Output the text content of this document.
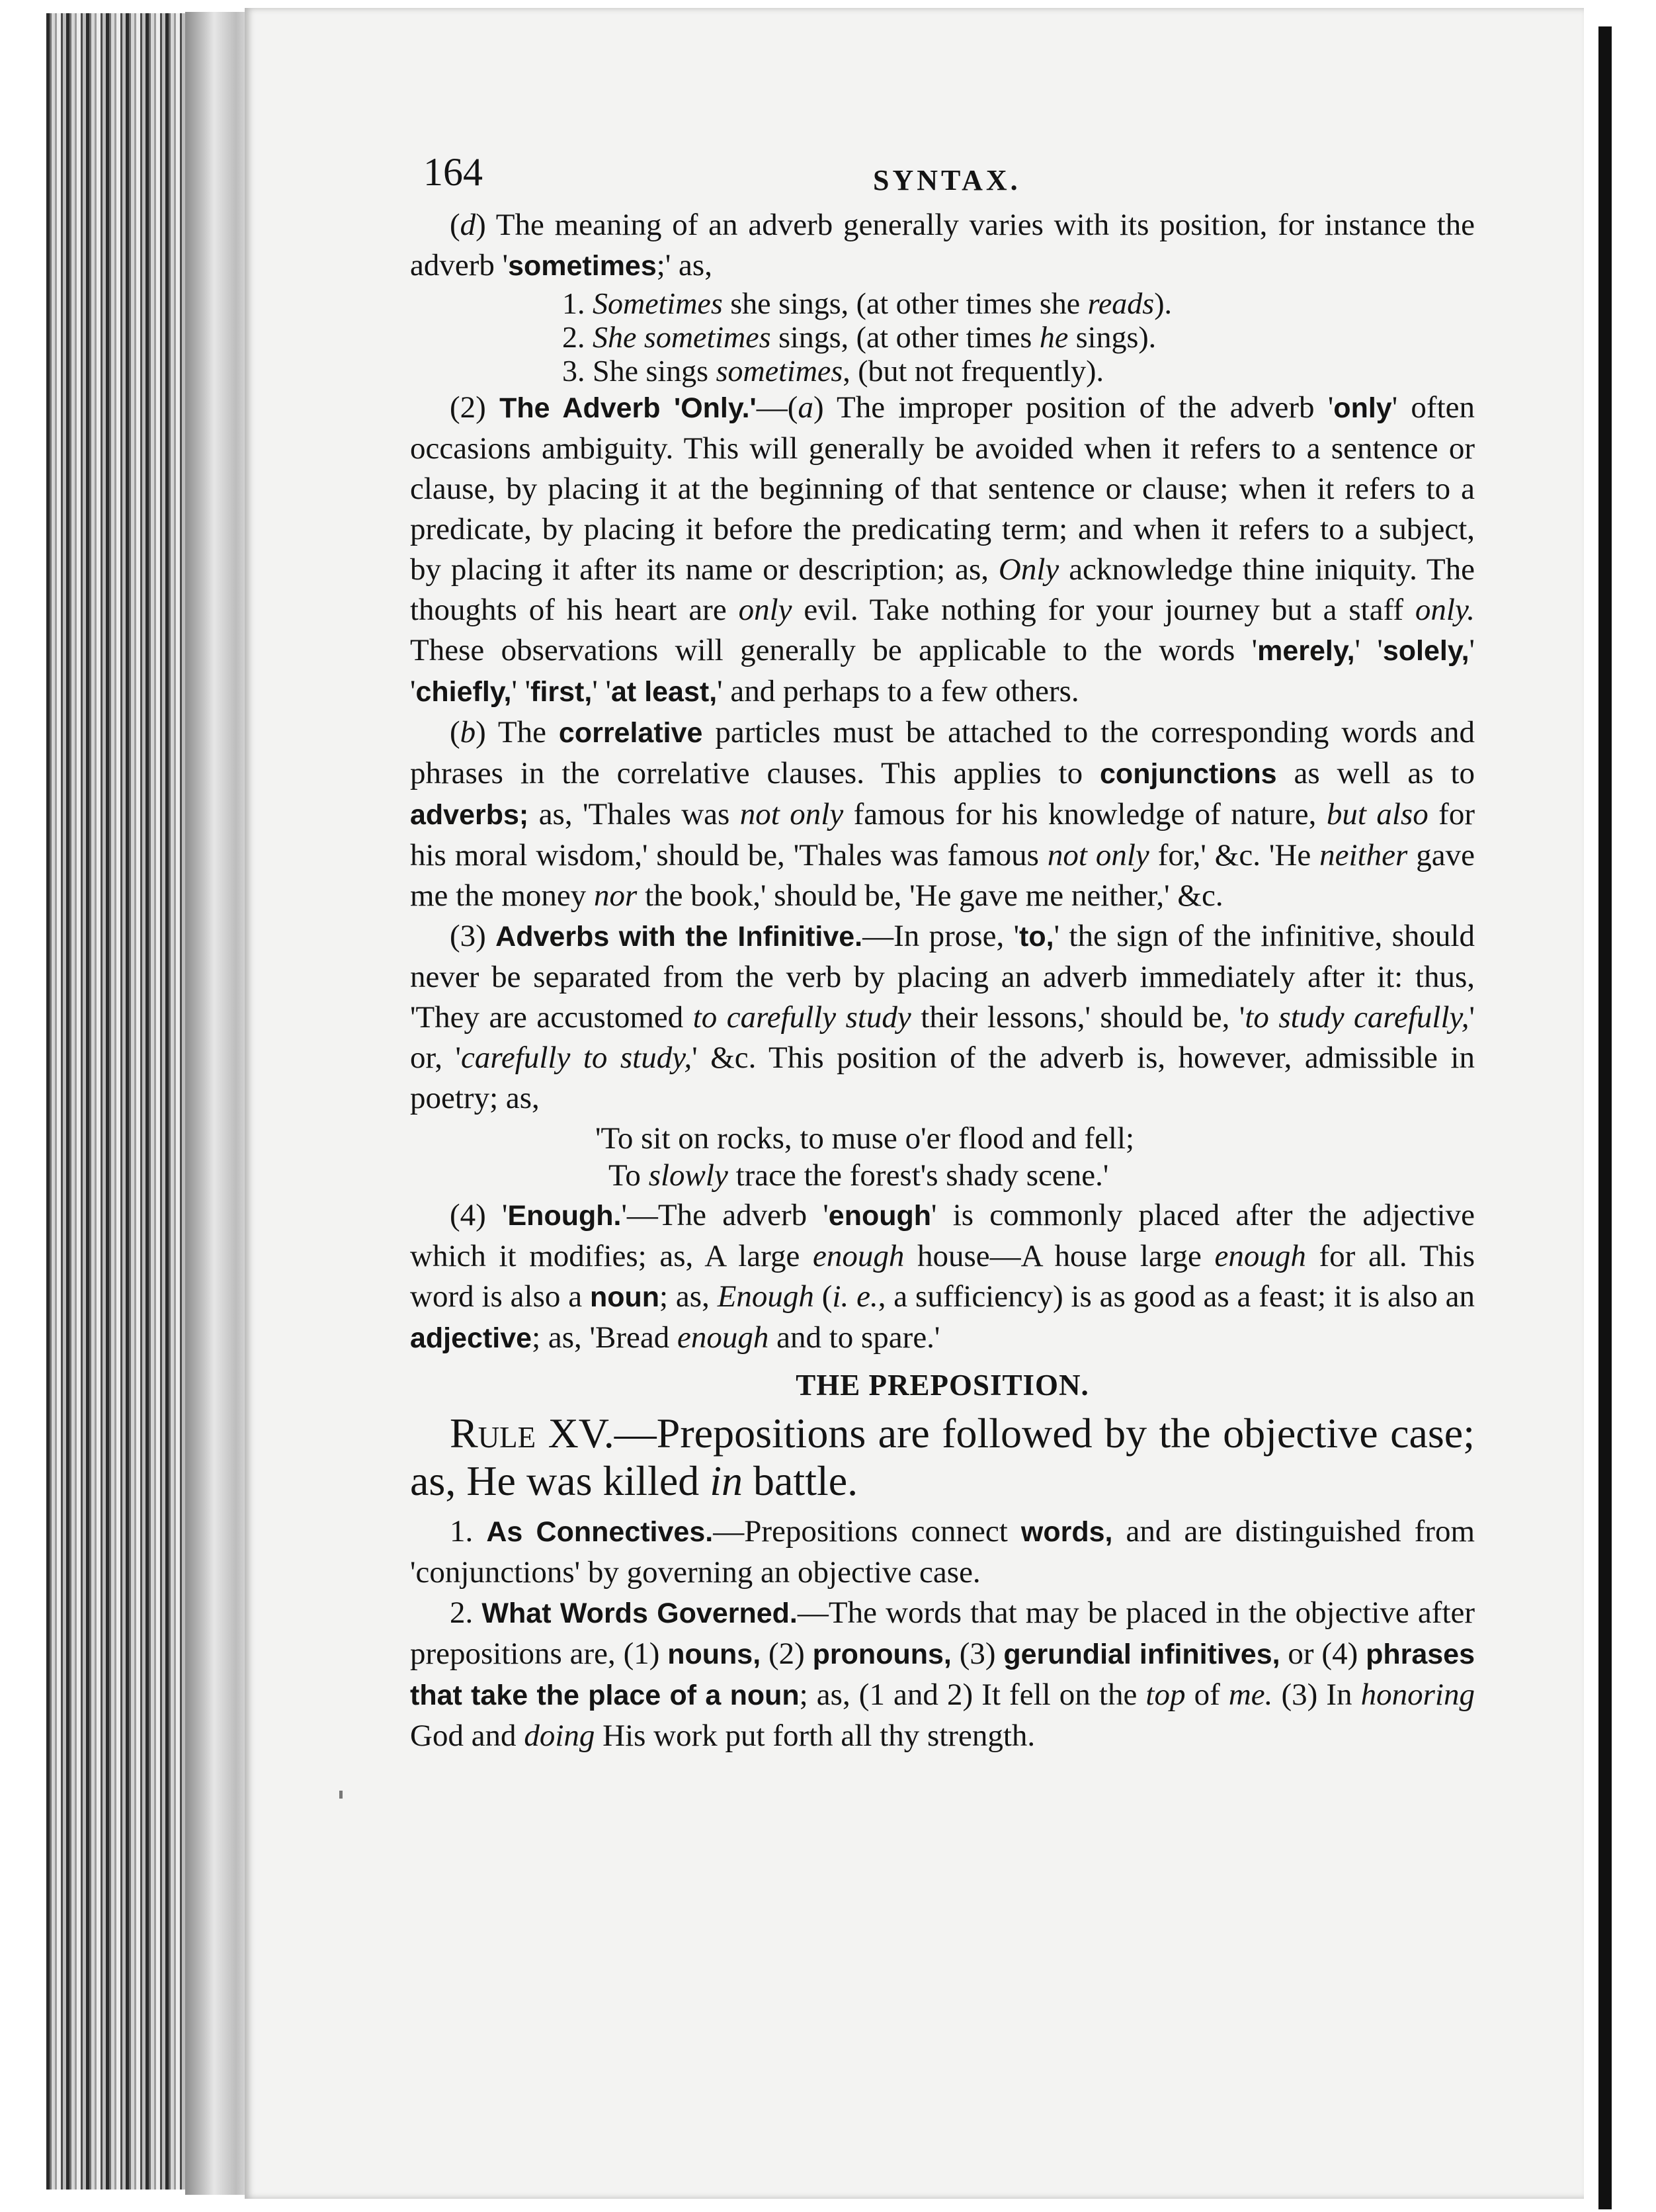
164	SYNTAX.

(d) The meaning of an adverb generally varies with its position, for instance the adverb 'sometimes;' as,

1. Sometimes she sings, (at other times she reads).
2. She sometimes sings, (at other times he sings).
3. She sings sometimes, (but not frequently).

(2) The Adverb 'Only.'—(a) The improper position of the adverb 'only' often occasions ambiguity. This will generally be avoided when it refers to a sentence or clause, by placing it at the beginning of that sentence or clause; when it refers to a predicate, by placing it before the predicating term; and when it refers to a subject, by placing it after its name or description; as, Only acknowledge thine iniquity. The thoughts of his heart are only evil. Take nothing for your journey but a staff only. These observations will generally be applicable to the words 'merely,' 'solely,' 'chiefly,' 'first,' 'at least,' and perhaps to a few others.

(b) The correlative particles must be attached to the corresponding words and phrases in the correlative clauses. This applies to conjunctions as well as to adverbs; as, 'Thales was not only famous for his knowledge of nature, but also for his moral wisdom,' should be, 'Thales was famous not only for,' &c. 'He neither gave me the money nor the book,' should be, 'He gave me neither,' &c.

(3) Adverbs with the Infinitive.—In prose, 'to,' the sign of the infinitive, should never be separated from the verb by placing an adverb immediately after it: thus, 'They are accustomed to carefully study their lessons,' should be, 'to study carefully,' or, 'carefully to study,' &c. This position of the adverb is, however, admissible in poetry; as,

'To sit on rocks, to muse o'er flood and fell;
To slowly trace the forest's shady scene.'

(4) 'Enough.'—The adverb 'enough' is commonly placed after the adjective which it modifies; as, A large enough house—A house large enough for all. This word is also a noun; as, Enough (i. e., a sufficiency) is as good as a feast; it is also an adjective; as, 'Bread enough and to spare.'

THE PREPOSITION.

Rule XV.—Prepositions are followed by the objective case; as, He was killed in battle.

1. As Connectives.—Prepositions connect words, and are distinguished from 'conjunctions' by governing an objective case.

2. What Words Governed.—The words that may be placed in the objective after prepositions are, (1) nouns, (2) pronouns, (3) gerundial infinitives, or (4) phrases that take the place of a noun; as, (1 and 2) It fell on the top of me. (3) In honoring God and doing His work put forth all thy strength.
